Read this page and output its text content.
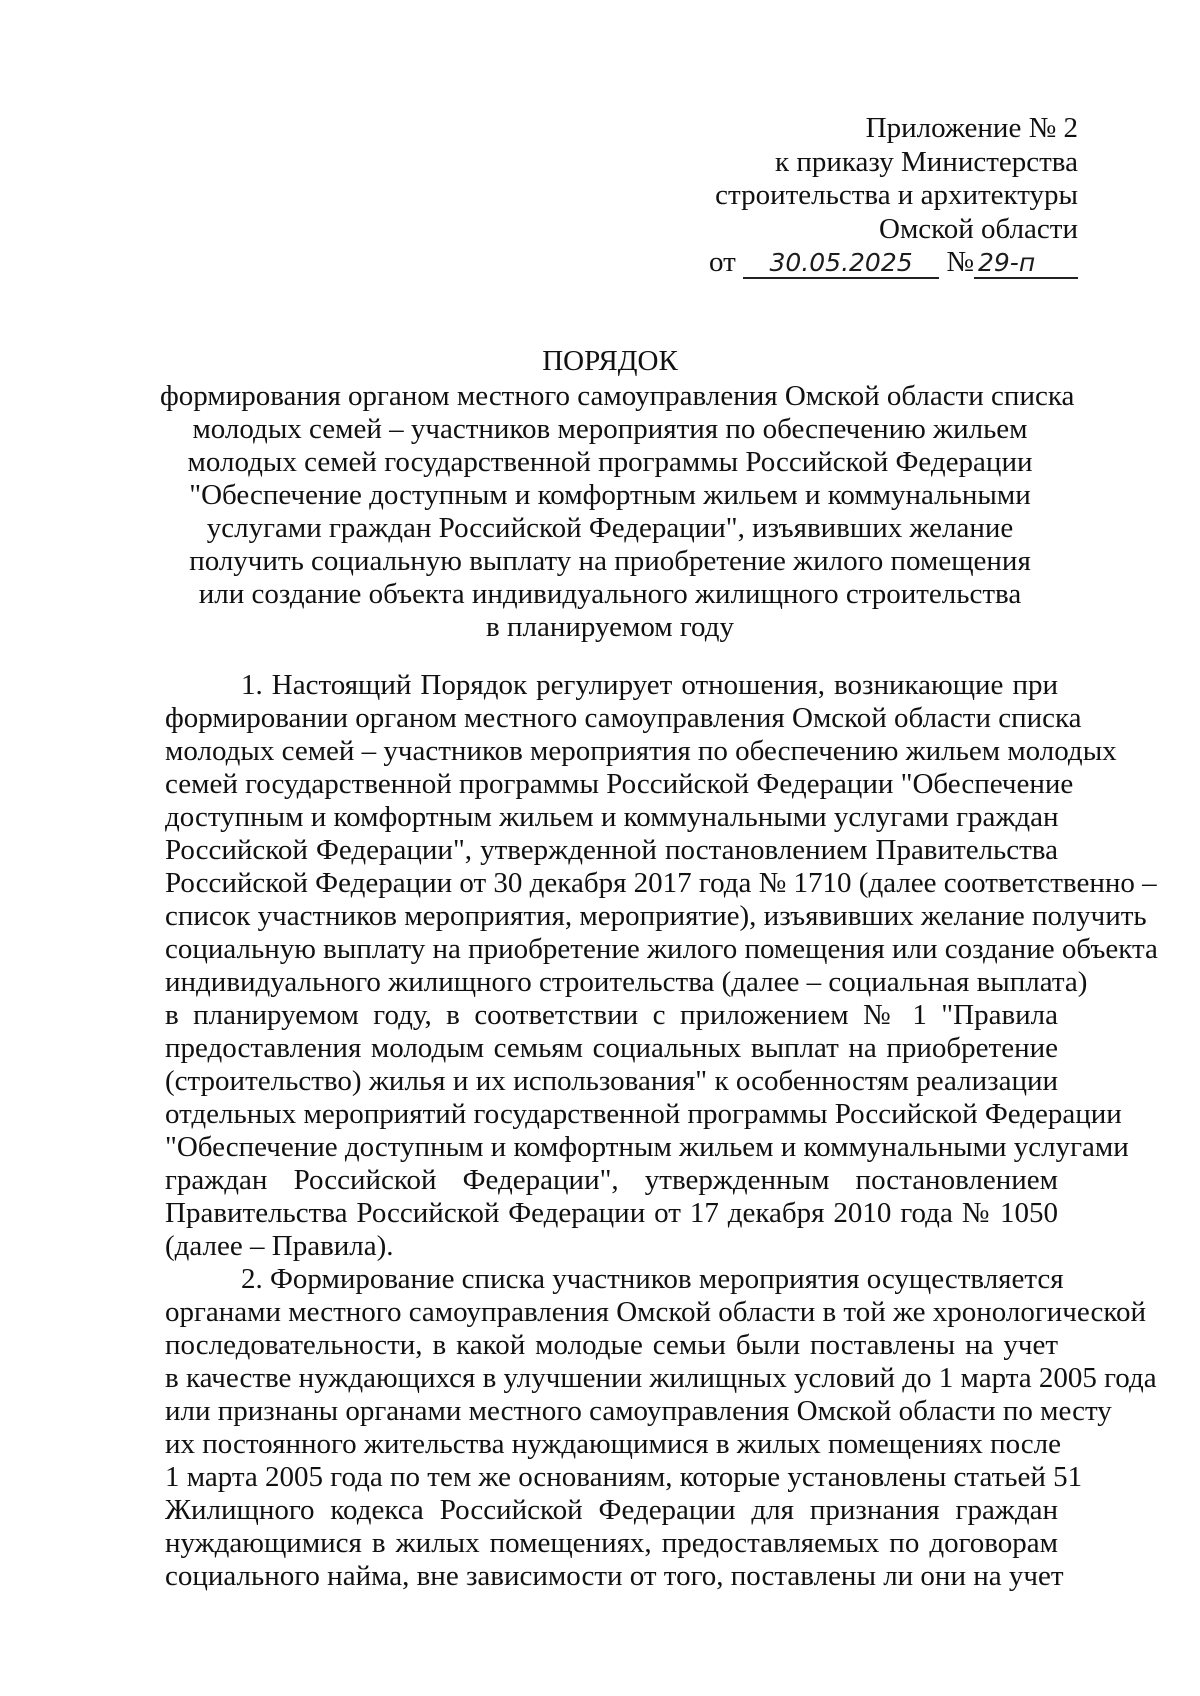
Приложение № 2
к приказу Министерства
строительства и архитектуры
Омской области
от 30.05.2025 № 29-п
ПОРЯДОК
формирования органом местного самоуправления Омской области списка
молодых семей – участников мероприятия по обеспечению жильем
молодых семей государственной программы Российской Федерации
"Обеспечение доступным и комфортным жильем и коммунальными
услугами граждан Российской Федерации", изъявивших желание
получить социальную выплату на приобретение жилого помещения
или создание объекта индивидуального жилищного строительства
в планируемом году
1. Настоящий Порядок регулирует отношения, возникающие при
формировании органом местного самоуправления Омской области списка
молодых семей – участников мероприятия по обеспечению жильем молодых
семей государственной программы Российской Федерации "Обеспечение
доступным и комфортным жильем и коммунальными услугами граждан
Российской Федерации", утвержденной постановлением Правительства
Российской Федерации от 30 декабря 2017 года № 1710 (далее соответственно –
список участников мероприятия, мероприятие), изъявивших желание получить
социальную выплату на приобретение жилого помещения или создание объекта
индивидуального жилищного строительства (далее – социальная выплата)
в планируемом году, в соответствии с приложением № 1 "Правила
предоставления молодым семьям социальных выплат на приобретение
(строительство) жилья и их использования" к особенностям реализации
отдельных мероприятий государственной программы Российской Федерации
"Обеспечение доступным и комфортным жильем и коммунальными услугами
граждан Российской Федерации", утвержденным постановлением
Правительства Российской Федерации от 17 декабря 2010 года № 1050
(далее – Правила).
2. Формирование списка участников мероприятия осуществляется
органами местного самоуправления Омской области в той же хронологической
последовательности, в какой молодые семьи были поставлены на учет
в качестве нуждающихся в улучшении жилищных условий до 1 марта 2005 года
или признаны органами местного самоуправления Омской области по месту
их постоянного жительства нуждающимися в жилых помещениях после
1 марта 2005 года по тем же основаниям, которые установлены статьей 51
Жилищного кодекса Российской Федерации для признания граждан
нуждающимися в жилых помещениях, предоставляемых по договорам
социального найма, вне зависимости от того, поставлены ли они на учет
